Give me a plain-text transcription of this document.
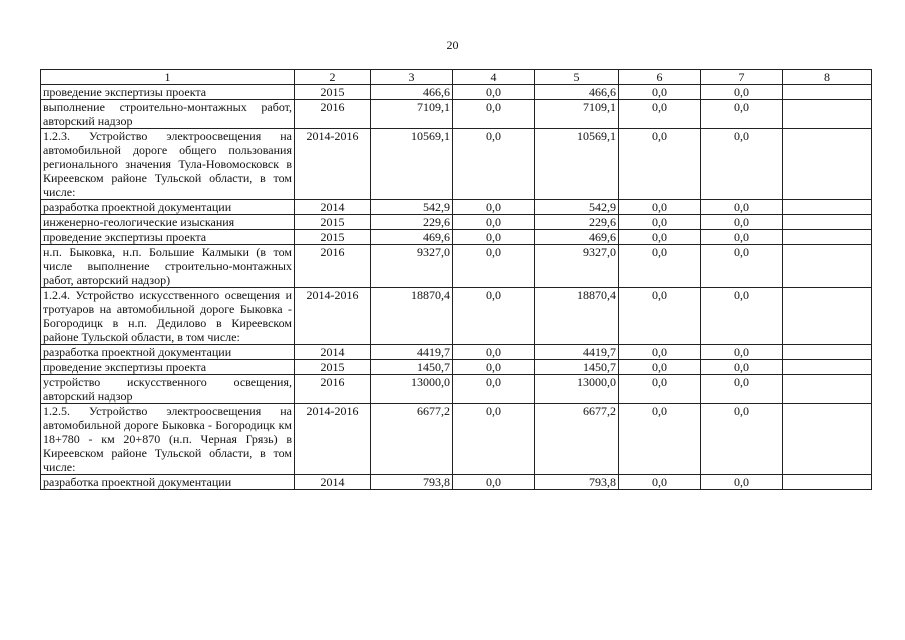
20
1	2	3	4	5	6	7	8
проведение экспертизы проекта	2015	466,6	0,0	466,6	0,0	0,0	
выполнение строительно-монтажных работ, авторский надзор	2016	7109,1	0,0	7109,1	0,0	0,0	
1.2.3. Устройство электроосвещения на автомобильной дороге общего пользования регионального значения Тула-Новомосковск в Киреевском районе Тульской области, в том числе:	2014-2016	10569,1	0,0	10569,1	0,0	0,0	
разработка проектной документации	2014	542,9	0,0	542,9	0,0	0,0	
инженерно-геологические изыскания	2015	229,6	0,0	229,6	0,0	0,0	
проведение экспертизы проекта	2015	469,6	0,0	469,6	0,0	0,0	
н.п. Быковка, н.п. Большие Калмыки (в том числе выполнение строительно-монтажных работ, авторский надзор)	2016	9327,0	0,0	9327,0	0,0	0,0	
1.2.4. Устройство искусственного освещения и тротуаров на автомобильной дороге Быковка - Богородицк в н.п. Дедилово в Киреевском районе Тульской области, в том числе:	2014-2016	18870,4	0,0	18870,4	0,0	0,0	
разработка проектной документации	2014	4419,7	0,0	4419,7	0,0	0,0	
проведение экспертизы проекта	2015	1450,7	0,0	1450,7	0,0	0,0	
устройство искусственного освещения, авторский надзор	2016	13000,0	0,0	13000,0	0,0	0,0	
1.2.5. Устройство электроосвещения на автомобильной дороге Быковка - Богородицк км 18+780 - км 20+870 (н.п. Черная Грязь) в Киреевском районе Тульской области, в том числе:	2014-2016	6677,2	0,0	6677,2	0,0	0,0	
разработка проектной документации	2014	793,8	0,0	793,8	0,0	0,0	
